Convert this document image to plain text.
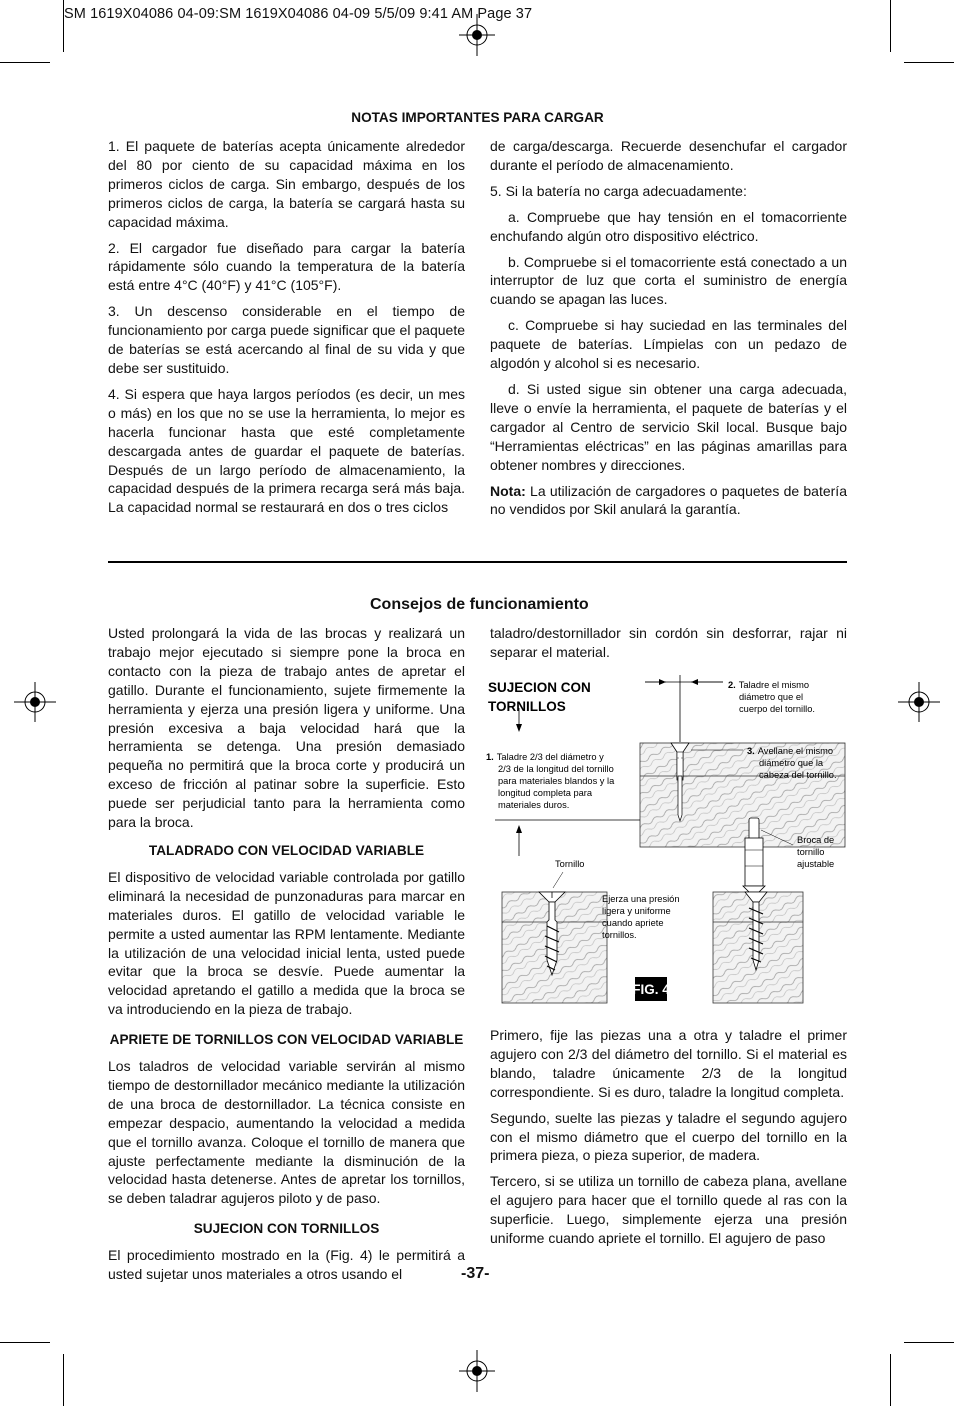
SM 1619X04086 04-09:SM 1619X04086 04-09 5/5/09 9:41 AM Page 37

NOTAS IMPORTANTES PARA CARGAR

1. El paquete de baterías acepta únicamente alrededor del 80 por ciento de su capacidad máxima en los primeros ciclos de carga. Sin embargo, después de los primeros ciclos de carga, la batería se cargará hasta su capacidad máxima.

2. El cargador fue diseñado para cargar la batería rápidamente sólo cuando la temperatura de la batería está entre 4°C (40°F) y 41°C (105°F).

3. Un descenso considerable en el tiempo de funcionamiento por carga puede significar que el paquete de baterías se está acercando al final de su vida y que debe ser sustituido.

4. Si espera que haya largos períodos (es decir, un mes o más) en los que no se use la herramienta, lo mejor es hacerla funcionar hasta que esté completamente descargada antes de guardar el paquete de baterías. Después de un largo período de almacenamiento, la capacidad después de la primera recarga será más baja. La capacidad normal se restaurará en dos o tres ciclos

de carga/descarga. Recuerde desenchufar el cargador durante el período de almacenamiento.

5. Si la batería no carga adecuadamente:

a. Compruebe que hay tensión en el tomacorriente enchufando algún otro dispositivo eléctrico.

b. Compruebe si el tomacorriente está conectado a un interruptor de luz que corta el suministro de energía cuando se apagan las luces.

c. Compruebe si hay suciedad en las terminales del paquete de baterías. Límpielas con un pedazo de algodón y alcohol si es necesario.

d. Si usted sigue sin obtener una carga adecuada, lleve o envíe la herramienta, el paquete de baterías y el cargador al Centro de servicio Skil local. Busque bajo “Herramientas eléctricas” en las páginas amarillas para obtener nombres y direcciones.

Nota: La utilización de cargadores o paquetes de batería no vendidos por Skil anulará la garantía.

Consejos de funcionamiento

Usted prolongará la vida de las brocas y realizará un trabajo mejor ejecutado si siempre pone la broca en contacto con la pieza de trabajo antes de apretar el gatillo. Durante el funcionamiento, sujete firmemente la herramienta y ejerza una presión ligera y uniforme. Una presión excesiva a baja velocidad hará que la herramienta se detenga. Una presión demasiado pequeña no permitirá que la broca corte y producirá un exceso de fricción al patinar sobre la superficie. Esto puede ser perjudicial tanto para la herramienta como para la broca.

TALADRADO CON VELOCIDAD VARIABLE

El dispositivo de velocidad variable controlada por gatillo eliminará la necesidad de punzonaduras para marcar en materiales duros. El gatillo de velocidad variable le permite a usted aumentar las RPM lentamente. Mediante la utilización de una velocidad inicial lenta, usted puede evitar que la broca se desvíe. Puede aumentar la velocidad apretando el gatillo a medida que la broca se va introduciendo en la pieza de trabajo.

APRIETE DE TORNILLOS CON VELOCIDAD VARIABLE

Los taladros de velocidad variable servirán al mismo tiempo de destornillador mecánico mediante la utilización de una broca de destornillador. La técnica consiste en empezar despacio, aumentando la velocidad a medida que el tornillo avanza. Coloque el tornillo de manera que ajuste perfectamente mediante la disminución de la velocidad hasta detenerse. Antes de apretar los tornillos, se deben taladrar agujeros piloto y de paso.

SUJECION CON TORNILLOS

El procedimiento mostrado en la (Fig. 4) le permitirá a usted sujetar unos materiales a otros usando el

taladro/destornillador sin cordón sin desforrar, rajar ni separar el material.

SUJECION CON
TORNILLOS
2. Taladre el mismo
diámetro que el
cuerpo del tornillo.
3. Avellane el mismo
diámetro que la
cabeza del tornillo.
1. Taladre 2/3 del diámetro y
2/3 de la longitud del tornillo
para materiales blandos y la
longitud completa para
materiales duros.
Broca de
tornillo
ajustable
Tornillo
Ejerza una presión
ligera y uniforme
cuando apriete
tornillos.
FIG. 4

Primero, fije las piezas una a otra y taladre el primer agujero con 2/3 del diámetro del tornillo. Si el material es blando, taladre únicamente 2/3 de la longitud correspondiente. Si es duro, taladre la longitud completa.

Segundo, suelte las piezas y taladre el segundo agujero con el mismo diámetro que el cuerpo del tornillo en la primera pieza, o pieza superior, de madera.

Tercero, si se utiliza un tornillo de cabeza plana, avellane el agujero para hacer que el tornillo quede al ras con la superficie. Luego, simplemente ejerza una presión uniforme cuando apriete el tornillo. El agujero de paso

-37-
